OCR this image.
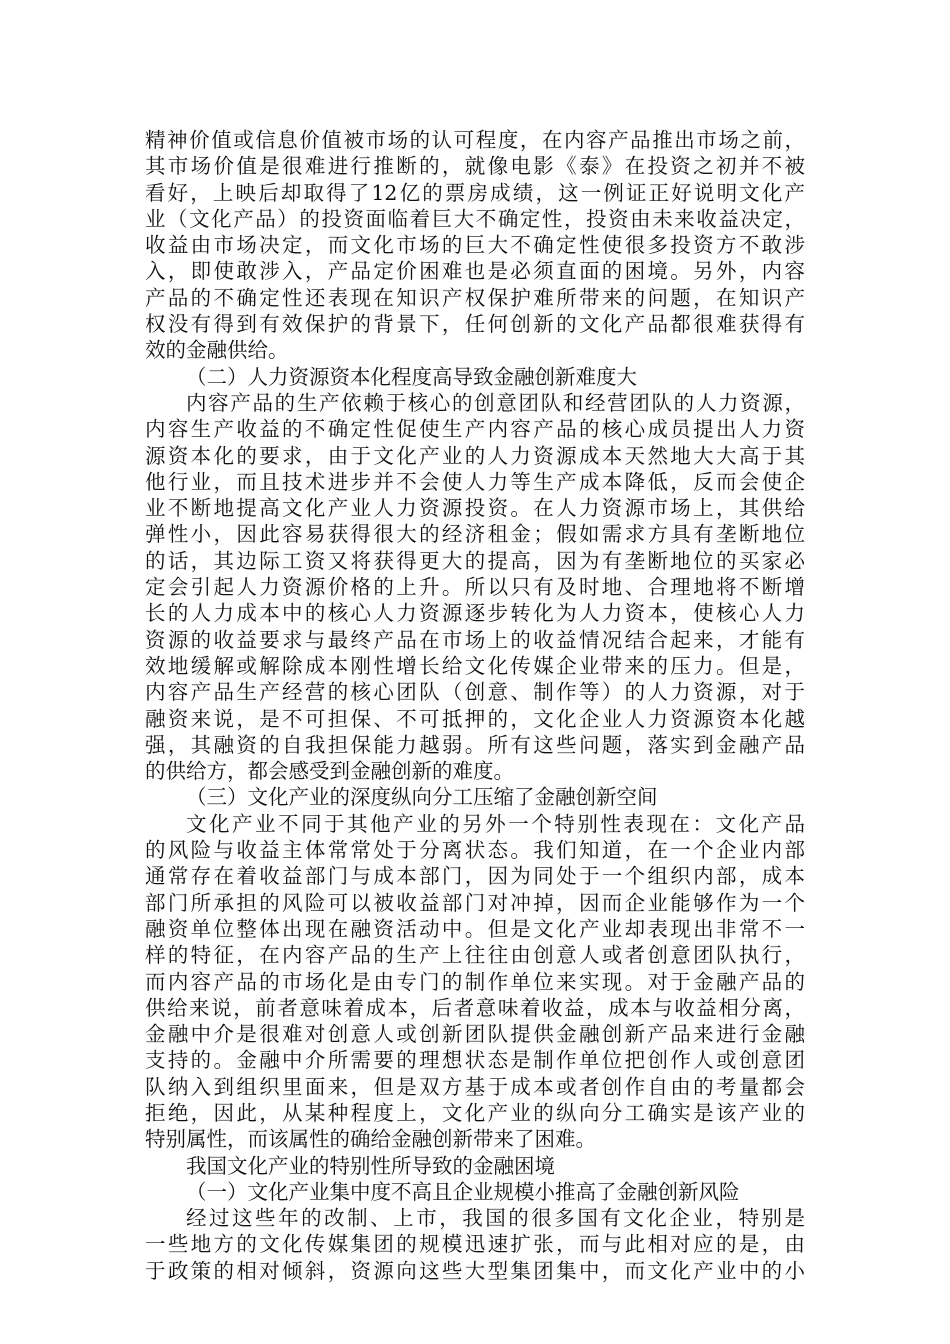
精神价值或信息价值被市场的认可程度，在内容产品推出市场之前，
其市场价值是很难进行推断的，就像电影《泰》在投资之初并不被
看好，上映后却取得了12亿的票房成绩，这一例证正好说明文化产
业（文化产品）的投资面临着巨大不确定性，投资由未来收益决定，
收益由市场决定，而文化市场的巨大不确定性使很多投资方不敢涉
入，即使敢涉入，产品定价困难也是必须直面的困境。另外，内容
产品的不确定性还表现在知识产权保护难所带来的问题，在知识产
权没有得到有效保护的背景下，任何创新的文化产品都很难获得有
效的金融供给。
（二）人力资源资本化程度高导致金融创新难度大
内容产品的生产依赖于核心的创意团队和经营团队的人力资源，
内容生产收益的不确定性促使生产内容产品的核心成员提出人力资
源资本化的要求，由于文化产业的人力资源成本天然地大大高于其
他行业，而且技术进步并不会使人力等生产成本降低，反而会使企
业不断地提高文化产业人力资源投资。在人力资源市场上，其供给
弹性小，因此容易获得很大的经济租金；假如需求方具有垄断地位
的话，其边际工资又将获得更大的提高，因为有垄断地位的买家必
定会引起人力资源价格的上升。所以只有及时地、合理地将不断增
长的人力成本中的核心人力资源逐步转化为人力资本，使核心人力
资源的收益要求与最终产品在市场上的收益情况结合起来，才能有
效地缓解或解除成本刚性增长给文化传媒企业带来的压力。但是，
内容产品生产经营的核心团队（创意、制作等）的人力资源，对于
融资来说，是不可担保、不可抵押的，文化企业人力资源资本化越
强，其融资的自我担保能力越弱。所有这些问题，落实到金融产品
的供给方，都会感受到金融创新的难度。
（三）文化产业的深度纵向分工压缩了金融创新空间
文化产业不同于其他产业的另外一个特别性表现在：文化产品
的风险与收益主体常常处于分离状态。我们知道，在一个企业内部
通常存在着收益部门与成本部门，因为同处于一个组织内部，成本
部门所承担的风险可以被收益部门对冲掉，因而企业能够作为一个
融资单位整体出现在融资活动中。但是文化产业却表现出非常不一
样的特征，在内容产品的生产上往往由创意人或者创意团队执行，
而内容产品的市场化是由专门的制作单位来实现。对于金融产品的
供给来说，前者意味着成本，后者意味着收益，成本与收益相分离，
金融中介是很难对创意人或创新团队提供金融创新产品来进行金融
支持的。金融中介所需要的理想状态是制作单位把创作人或创意团
队纳入到组织里面来，但是双方基于成本或者创作自由的考量都会
拒绝，因此，从某种程度上，文化产业的纵向分工确实是该产业的
特别属性，而该属性的确给金融创新带来了困难。
我国文化产业的特别性所导致的金融困境
（一）文化产业集中度不高且企业规模小推高了金融创新风险
经过这些年的改制、上市，我国的很多国有文化企业，特别是
一些地方的文化传媒集团的规模迅速扩张，而与此相对应的是，由
于政策的相对倾斜，资源向这些大型集团集中，而文化产业中的小
